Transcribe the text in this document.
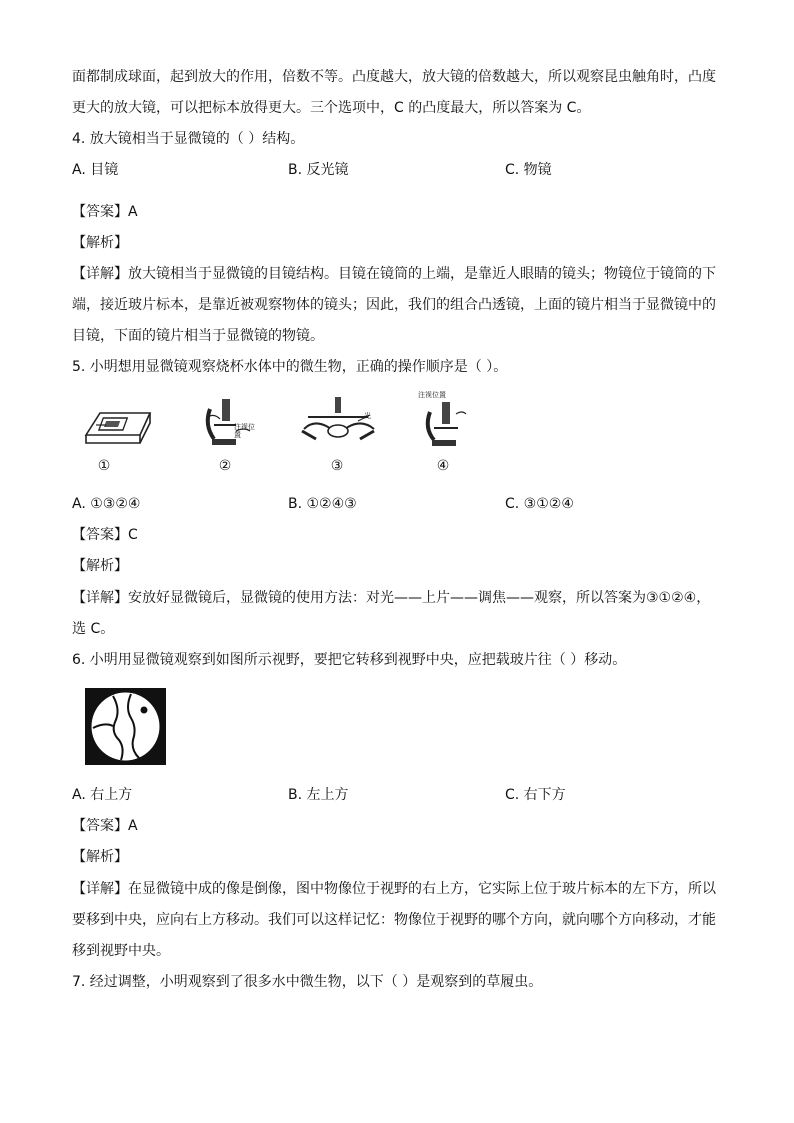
面都制成球面，起到放大的作用，倍数不等。凸度越大，放大镜的倍数越大，所以观察昆虫触角时，凸度
更大的放大镜，可以把标本放得更大。三个选项中，C 的凸度最大，所以答案为 C。
4. 放大镜相当于显微镜的（ ）结构。
A. 目镜	B. 反光镜	C. 物镜
【答案】A
【解析】
【详解】放大镜相当于显微镜的目镜结构。目镜在镜筒的上端，是靠近人眼睛的镜头；物镜位于镜筒的下
端，接近玻片标本，是靠近被观察物体的镜头；因此，我们的组合凸透镜，上面的镜片相当于显微镜中的
目镜，下面的镜片相当于显微镜的物镜。
5. 小明想用显微镜观察烧杯水体中的微生物，正确的操作顺序是（ ）。
①
注视位置
②
光
③
注视位置
④
A. ①③②④	B. ①②④③	C. ③①②④
【答案】C
【解析】
【详解】安放好显微镜后，显微镜的使用方法：对光——上片——调焦——观察，所以答案为③①②④，
选 C。
6. 小明用显微镜观察到如图所示视野，要把它转移到视野中央，应把载玻片往（ ）移动。
A. 右上方	B. 左上方	C. 右下方
【答案】A
【解析】
【详解】在显微镜中成的像是倒像，图中物像位于视野的右上方，它实际上位于玻片标本的左下方，所以
要移到中央，应向右上方移动。我们可以这样记忆：物像位于视野的哪个方向，就向哪个方向移动，才能
移到视野中央。
7. 经过调整，小明观察到了很多水中微生物，以下（ ）是观察到的草履虫。
